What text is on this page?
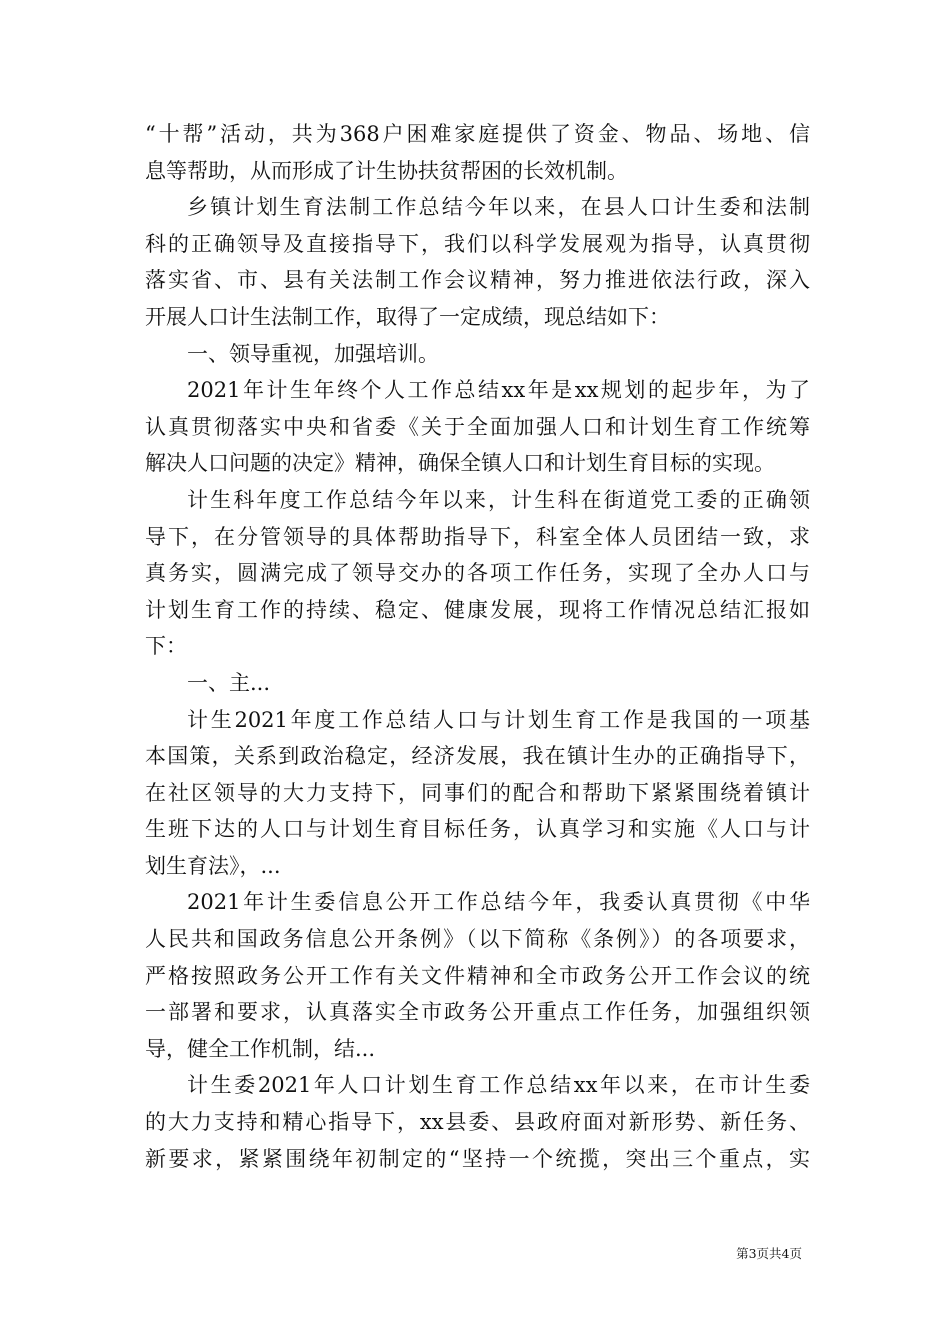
“十帮”活动，共为368户困难家庭提供了资金、物品、场地、信
息等帮助，从而形成了计生协扶贫帮困的长效机制。
乡镇计划生育法制工作总结今年以来，在县人口计生委和法制
科的正确领导及直接指导下，我们以科学发展观为指导，认真贯彻
落实省、市、县有关法制工作会议精神，努力推进依法行政，深入
开展人口计生法制工作，取得了一定成绩，现总结如下：
一、领导重视，加强培训。
2021年计生年终个人工作总结xx年是xx规划的起步年，为了
认真贯彻落实中央和省委《关于全面加强人口和计划生育工作统筹
解决人口问题的决定》精神，确保全镇人口和计划生育目标的实现。
计生科年度工作总结今年以来，计生科在街道党工委的正确领
导下，在分管领导的具体帮助指导下，科室全体人员团结一致，求
真务实，圆满完成了领导交办的各项工作任务，实现了全办人口与
计划生育工作的持续、稳定、健康发展，现将工作情况总结汇报如
下：
一、主...
计生2021年度工作总结人口与计划生育工作是我国的一项基
本国策，关系到政治稳定，经济发展，我在镇计生办的正确指导下，
在社区领导的大力支持下，同事们的配合和帮助下紧紧围绕着镇计
生班下达的人口与计划生育目标任务，认真学习和实施《人口与计
划生育法》，...
2021年计生委信息公开工作总结今年，我委认真贯彻《中华
人民共和国政务信息公开条例》（以下简称《条例》）的各项要求，
严格按照政务公开工作有关文件精神和全市政务公开工作会议的统
一部署和要求，认真落实全市政务公开重点工作任务，加强组织领
导，健全工作机制，结...
计生委2021年人口计划生育工作总结xx年以来，在市计生委
的大力支持和精心指导下，xx县委、县政府面对新形势、新任务、
新要求，紧紧围绕年初制定的“坚持一个统揽，突出三个重点，实
第3页共4页
